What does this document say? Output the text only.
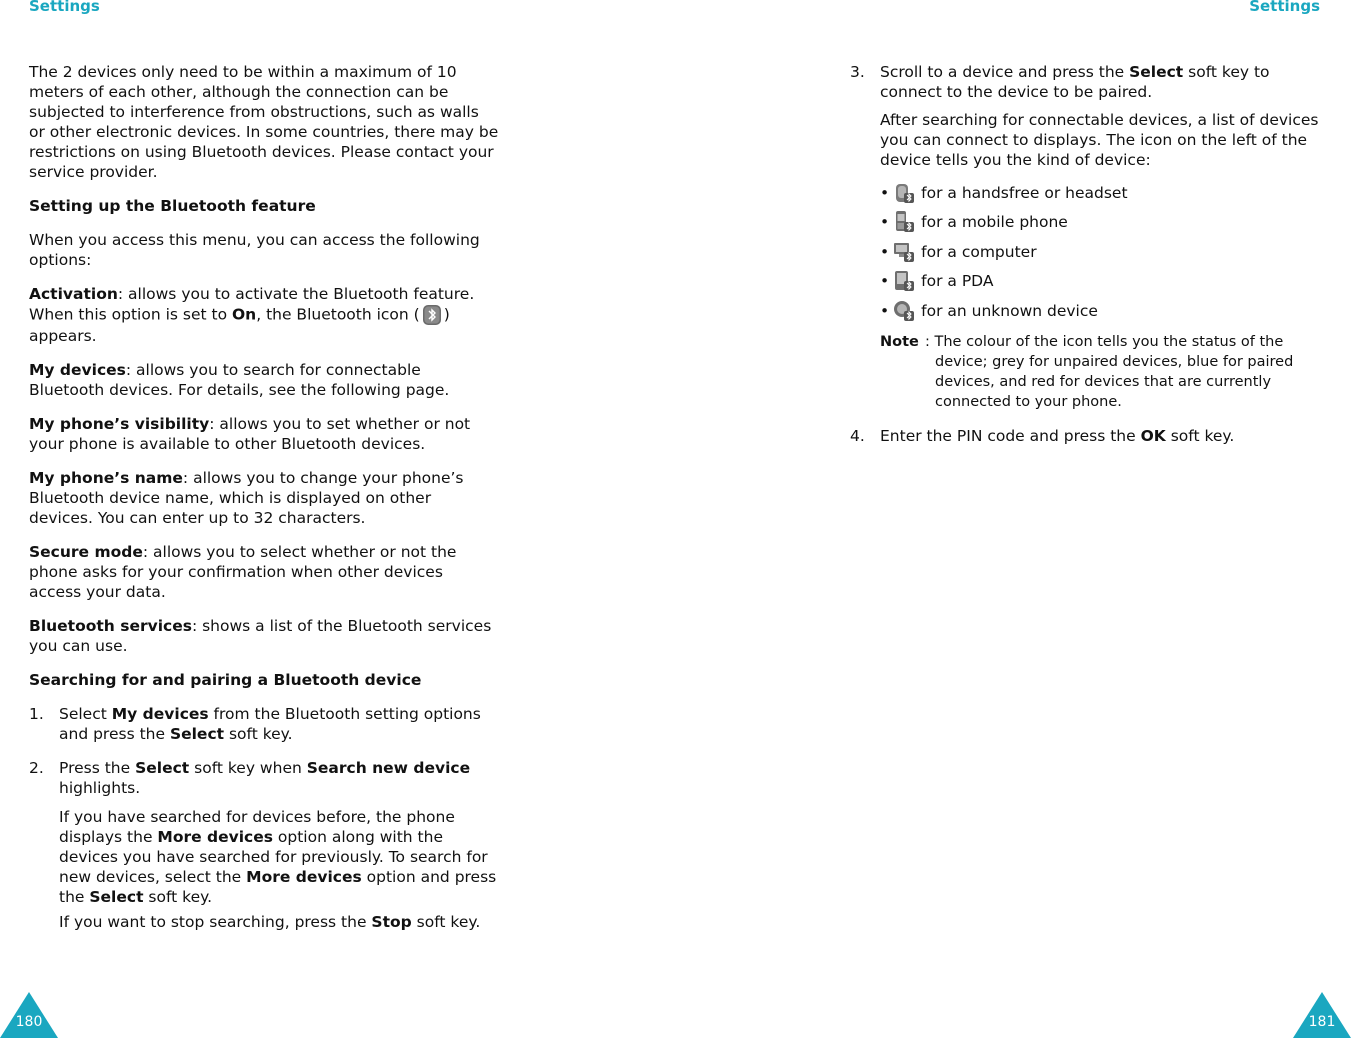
Settings	Settings

The 2 devices only need to be within a maximum of 10 meters of each other, although the connection can be subjected to interference from obstructions, such as walls or other electronic devices. In some countries, there may be restrictions on using Bluetooth devices. Please contact your service provider.

Setting up the Bluetooth feature

When you access this menu, you can access the following options:

Activation: allows you to activate the Bluetooth feature. When this option is set to On, the Bluetooth icon ( ) appears.

My devices: allows you to search for connectable Bluetooth devices. For details, see the following page.

My phone’s visibility: allows you to set whether or not your phone is available to other Bluetooth devices.

My phone’s name: allows you to change your phone’s Bluetooth device name, which is displayed on other devices. You can enter up to 32 characters.

Secure mode: allows you to select whether or not the phone asks for your confirmation when other devices access your data.

Bluetooth services: shows a list of the Bluetooth services you can use.

Searching for and pairing a Bluetooth device

1. Select My devices from the Bluetooth setting options and press the Select soft key.
2. Press the Select soft key when Search new device highlights.

If you have searched for devices before, the phone displays the More devices option along with the devices you have searched for previously. To search for new devices, select the More devices option and press the Select soft key.

If you want to stop searching, press the Stop soft key.

3. Scroll to a device and press the Select soft key to connect to the device to be paired.

After searching for connectable devices, a list of devices you can connect to displays. The icon on the left of the device tells you the kind of device:

• for a handsfree or headset
• for a mobile phone
• for a computer
• for a PDA
• for an unknown device
Note : The colour of the icon tells you the status of the device; grey for unpaired devices, blue for paired devices, and red for devices that are currently connected to your phone.
4. Enter the PIN code and press the OK soft key.
180	181
